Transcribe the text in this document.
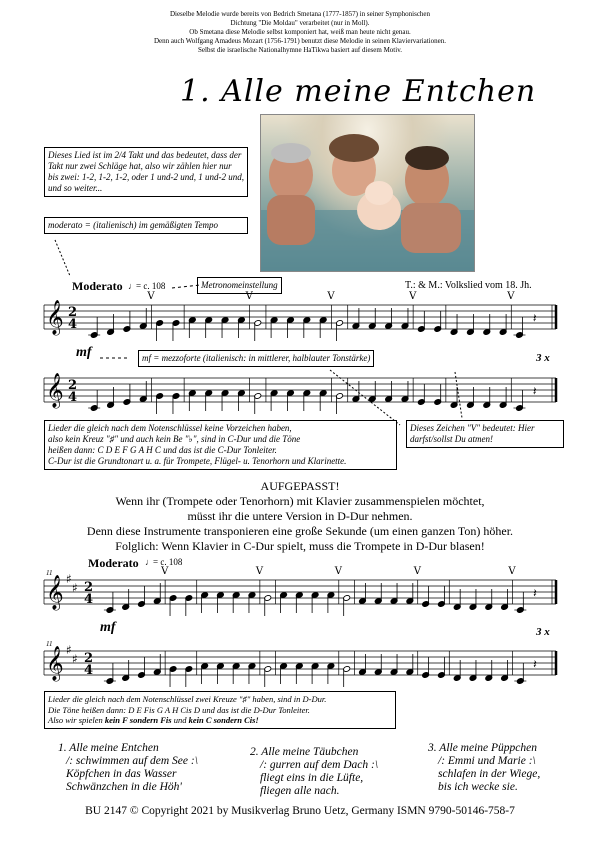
Dieselbe Melodie wurde bereits von Bedrich Smetana (1777-1857) in seiner Symphonischen
Dichtung "Die Moldau" verarbeitet (nur in Moll).
Ob Smetana diese Melodie selbst komponiert hat, weiß man heute nicht genau.
Denn auch Wolfgang Amadeus Mozart (1756-1791) benutzt diese Melodie in seinen Klaviervariationen.
Selbst die israelische Nationalhymne HaTikwa basiert auf diesem Motiv.
1. Alle meine Entchen
Dieses Lied ist im 2/4 Takt und das bedeutet, dass der Takt nur zwei Schläge hat, also wir zählen hier nur bis zwei: 1-2, 1-2, 1-2, oder 1 und-2 und, 1 und-2 und, und so weiter...
moderato = (italienisch) im gemäßigten Tempo
Moderato ♩ = c. 108	Metronomeinstellung	T.: & M.: Volkslied vom 18. Jh.
𝄽
𝄽
𝄽
𝄽
𝄞 2
4
V	V	V	V	V
𝄞 2
4
𝄞 ♯
♯ 2
4
V	V	V	V	V
𝄞 ♯
♯ 2
4
mf	mf = mezzoforte (italienisch: in mittlerer, halblauter Tonstärke)	3 x
Lieder die gleich nach dem Notenschlüssel keine Vorzeichen haben,
also kein Kreuz "♯" und auch kein Be "♭", sind in C-Dur und die Töne
heißen dann: C D E F G A H C und das ist die C-Dur Tonleiter.
C-Dur ist die Grundtonart u. a. für Trompete, Flügel- u. Tenorhorn und Klarinette.
Dieses Zeichen "V" bedeutet: Hier darfst/sollst Du atmen!
AUFGEPASST!
Wenn ihr (Trompete oder Tenorhorn) mit Klavier zusammenspielen möchtet,
müsst ihr die untere Version in D-Dur nehmen.
Denn diese Instrumente transponieren eine große Sekunde (um einen ganzen Ton) höher.
Folglich: Wenn Klavier in C-Dur spielt, muss die Trompete in D-Dur blasen!
Moderato ♩ = c. 108
11
11
mf	3 x
Lieder die gleich nach dem Notenschlüssel zwei Kreuze "♯" haben, sind in D-Dur.
Die Töne heißen dann: D E Fis G A H Cis D und das ist die D-Dur Tonleiter.
Also wir spielen kein F sondern Fis und kein C sondern Cis!
1. Alle meine Entchen
/: schwimmen auf dem See :\
Köpfchen in das Wasser
Schwänzchen in die Höh'
2. Alle meine Täubchen
/: gurren auf dem Dach :\
fliegt eins in die Lüfte,
fliegen alle nach.
3. Alle meine Püppchen
/: Emmi und Marie :\
schlafen in der Wiege,
bis ich wecke sie.
BU 2147 © Copyright 2021 by Musikverlag Bruno Uetz, Germany ISMN 9790-50146-758-7
